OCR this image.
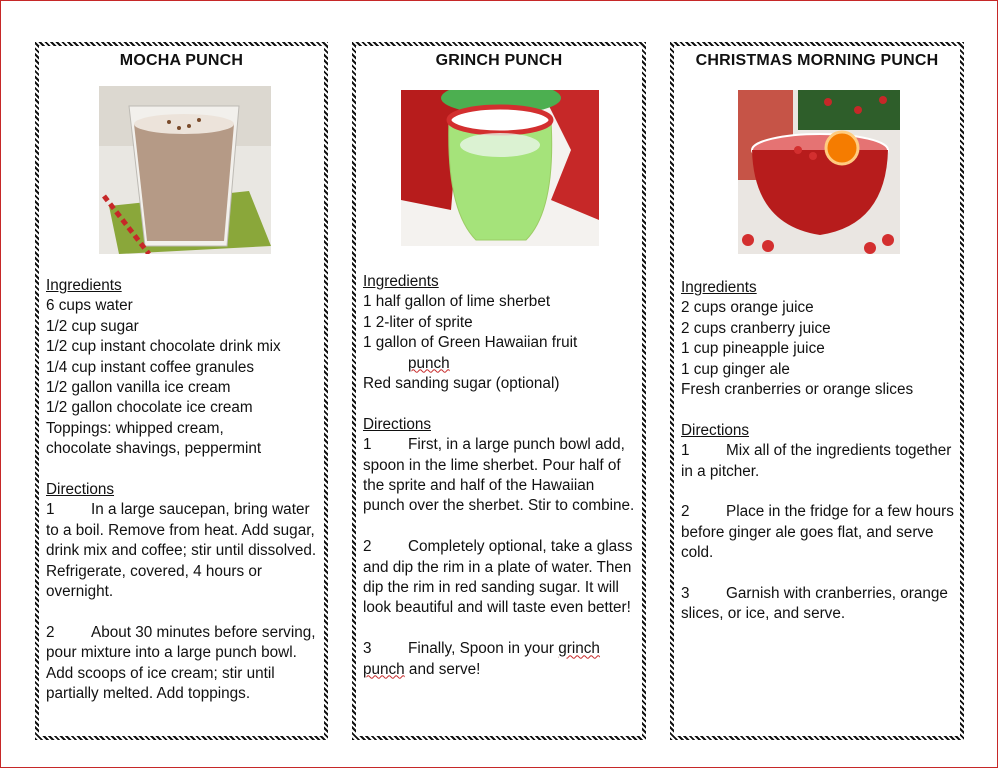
MOCHA PUNCH
Ingredients
6 cups water
1/2 cup sugar
1/2 cup instant chocolate drink mix
1/4 cup instant coffee granules
1/2 gallon vanilla ice cream
1/2 gallon chocolate ice cream
Toppings: whipped cream,
chocolate shavings, peppermint
Directions
1 In a large saucepan, bring water to a boil. Remove from heat. Add sugar, drink mix and coffee; stir until dissolved. Refrigerate, covered, 4 hours or overnight.
2 About 30 minutes before serving, pour mixture into a large punch bowl. Add scoops of ice cream; stir until partially melted. Add toppings.
GRINCH PUNCH
Ingredients
1 half gallon of lime sherbet
1 2-liter of sprite
1 gallon of Green Hawaiian fruit
punch
Red sanding sugar (optional)
Directions
1 First, in a large punch bowl add, spoon in the lime sherbet. Pour half of the sprite and half of the Hawaiian punch over the sherbet. Stir to combine.
2 Completely optional, take a glass and dip the rim in a plate of water. Then dip the rim in red sanding sugar. It will look beautiful and will taste even better!
3 Finally, Spoon in your grinch punch and serve!
CHRISTMAS MORNING PUNCH
Ingredients
2 cups orange juice
2 cups cranberry juice
1 cup pineapple juice
1 cup ginger ale
Fresh cranberries or orange slices
Directions
1 Mix all of the ingredients together in a pitcher.
2 Place in the fridge for a few hours before ginger ale goes flat, and serve cold.
3 Garnish with cranberries, orange slices, or ice, and serve.
